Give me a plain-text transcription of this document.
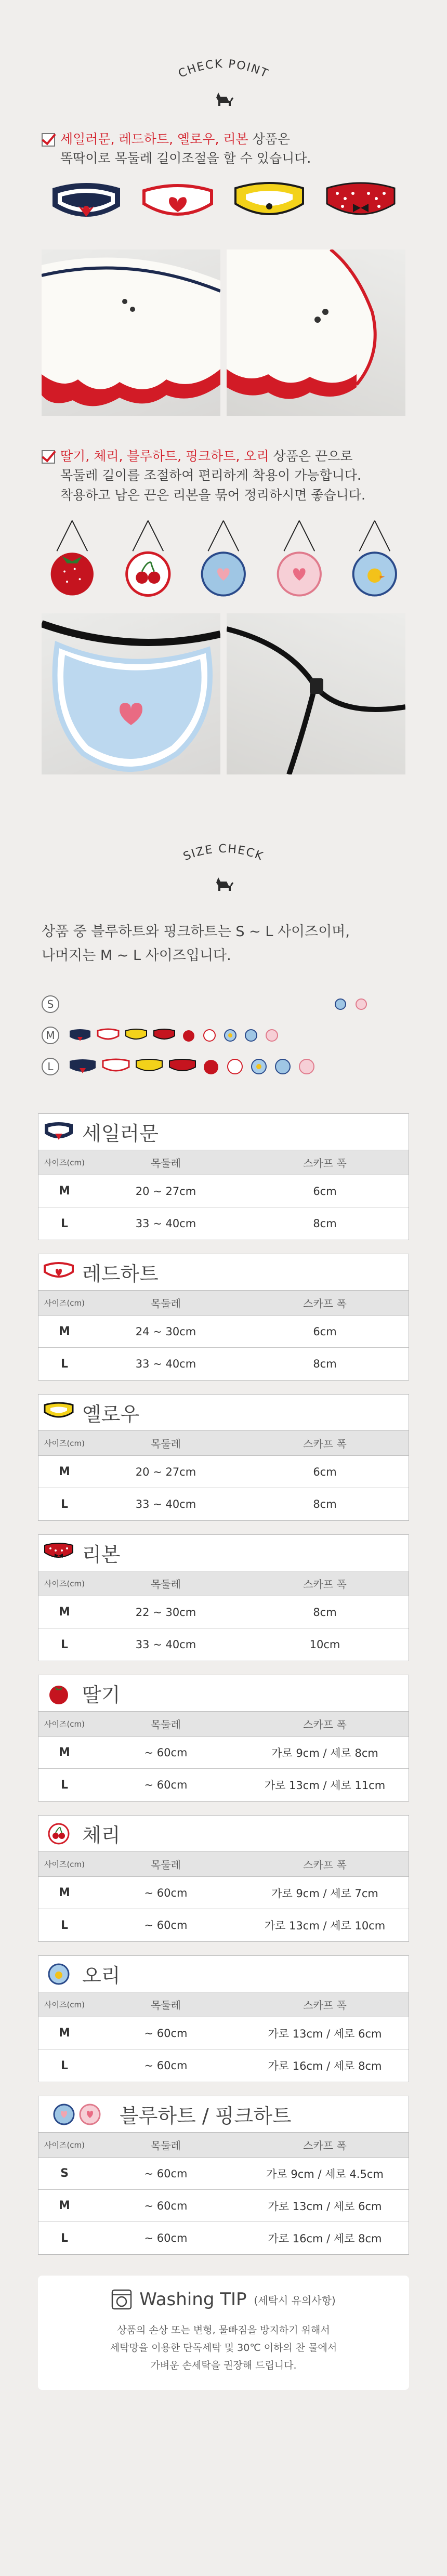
CHECK POINT
세일러문, 레드하트, 옐로우, 리본 상품은
똑딱이로 목둘레 길이조절을 할 수 있습니다.
딸기, 체리, 블루하트, 핑크하트, 오리 상품은 끈으로
목둘레 길이를 조절하여 편리하게 착용이 가능합니다.
착용하고 남은 끈은 리본을 묶어 정리하시면 좋습니다.
SIZE CHECK
상품 중 블루하트와 핑크하트는 S ~ L 사이즈이며,
나머지는 M ~ L 사이즈입니다.
S
M
L
세일러문
사이즈(cm)	목둘레	스카프 폭
M	20 ~ 27cm	6cm
L	33 ~ 40cm	8cm
레드하트
사이즈(cm)	목둘레	스카프 폭
M	24 ~ 30cm	6cm
L	33 ~ 40cm	8cm
옐로우
사이즈(cm)	목둘레	스카프 폭
M	20 ~ 27cm	6cm
L	33 ~ 40cm	8cm
리본
사이즈(cm)	목둘레	스카프 폭
M	22 ~ 30cm	8cm
L	33 ~ 40cm	10cm
딸기
사이즈(cm)	목둘레	스카프 폭
M	~ 60cm	가로 9cm / 세로 8cm
L	~ 60cm	가로 13cm / 세로 11cm
체리
사이즈(cm)	목둘레	스카프 폭
M	~ 60cm	가로 9cm / 세로 7cm
L	~ 60cm	가로 13cm / 세로 10cm
오리
사이즈(cm)	목둘레	스카프 폭
M	~ 60cm	가로 13cm / 세로 6cm
L	~ 60cm	가로 16cm / 세로 8cm
블루하트 / 핑크하트
사이즈(cm)	목둘레	스카프 폭
S	~ 60cm	가로 9cm / 세로 4.5cm
M	~ 60cm	가로 13cm / 세로 6cm
L	~ 60cm	가로 16cm / 세로 8cm
Washing TIP (세탁시 유의사항)
상품의 손상 또는 변형, 물빠짐을 방지하기 위해서
세탁망을 이용한 단독세탁 및 30℃ 이하의 찬 물에서
가벼운 손세탁을 권장해 드립니다.
